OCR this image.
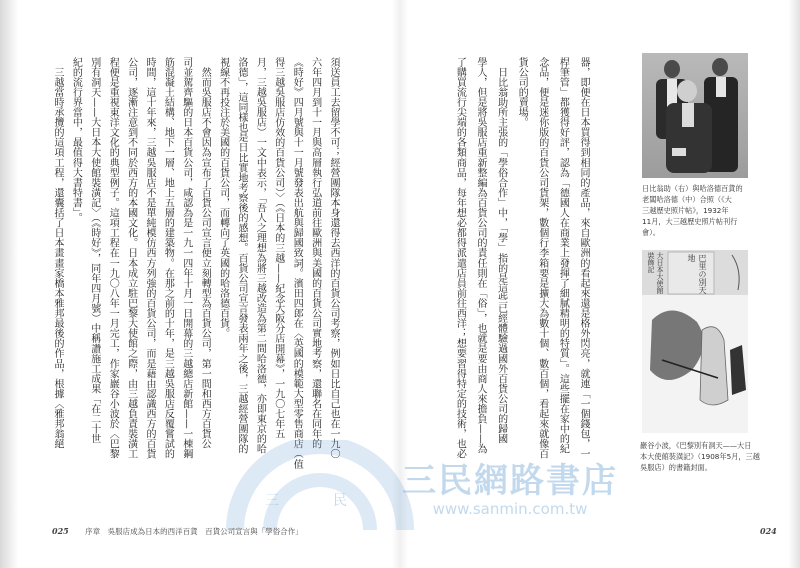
須送員工去留學不可；經營團隊本身還得去西洋的百貨公司考察，例如日比自己也在一九〇
六年四月到十一月與高層執行弘道前往歐洲與美國的百貨公司實地考察，還聯名在同年的
《時好》四月號與十一月號發表出航與歸國致詞。濱田四郎在〈英國的模範大型零售商店（值
得三越吳服店仿效的百貨公司）〉（《日本的三越——紀念大阪分店開幕》，一九〇七年五
月，三越吳服店）一文中表示，「吾人之理想為將三越改造為第二間哈洛德，亦即東京的哈
洛德」，這同樣也是日比實地考察後的感想。百貨公司宣言發表兩年之後，三越經營團隊的
視線不再投注於美國的百貨公司，而轉向了英國的哈洛德百貨。
　然而吳服店不會因為宣布了百貨公司宣言便立刻轉型為百貨公司，第一間和西方百貨公
司並駕齊驅的日本百貨公司，咸認為是一九一四年十月一日開幕的三越總店新館——一棟鋼
筋混凝土結構、地下一層、地上五層的建築物。在那之前的十年，是三越吳服店反覆嘗試的
時間，這十年來，三越吳服店不是單純模仿西方列強的百貨公司，而是藉由認識西方的百貨
公司，逐漸注意到不同於西方的本國文化。日本成立駐巴黎大使館之際，由三越負責裝潢工
程便是重視東洋文化的典型例子。這項工程在一九〇八年一月完工，作家巖谷小波於〈巴黎
別有洞天——大日本大使館裝潢記〉（《時好》，同年四月號）中稱讚施工成果「在二十世
紀的流行界當中，最值得大書特書」。
　三越當時承攬的這項工程，還囊括了日本畫畫家橋本雅邦最後的作品，根據〈雅邦翁絕	器，即便在日本買得到相同的產品，來自歐洲的看起來還是格外閃亮，就連「一個錢包，一
桿筆管」都獲得好評，認為「德國人在商業上發揮了細膩精明的特質」。這些擺在家中的紀
念品，便是迷你版的百貨公司貨架，數個行李箱要是擴大為數十個、數百個，看起來就像百
貨公司的賣場。
　日比翁助所主張的「學俗合作」中，「學」指的是這些已經體驗過國外百貨公司的歸國
學人，但是將吳服店重新整編為百貨公司的責任則在「俗」，也就是要由商人來擔負——為
了購買流行尖端的各類商品，每年想必都得派遣店員前往西洋；想要習得特定的技術，也必	日比翁助（右）與哈洛德百貨的
老闆哈洛德（中）合照（《大
三越歷史照片帖》，1932年
11月，大三越歷史照片帖刊行
會）。
大日本大使館裝飾記	巴里の別天地
巖谷小波，《巴黎別有洞天——大日
本大使館裝潢記》（1908年5月，三越
吳服店）的書籍封面。
三　民	三民網路書店
www.sanmin.com.tw
025 序章　吳服店成為日本的西洋百貨　百貨公司宣言與「學俗合作」	024
